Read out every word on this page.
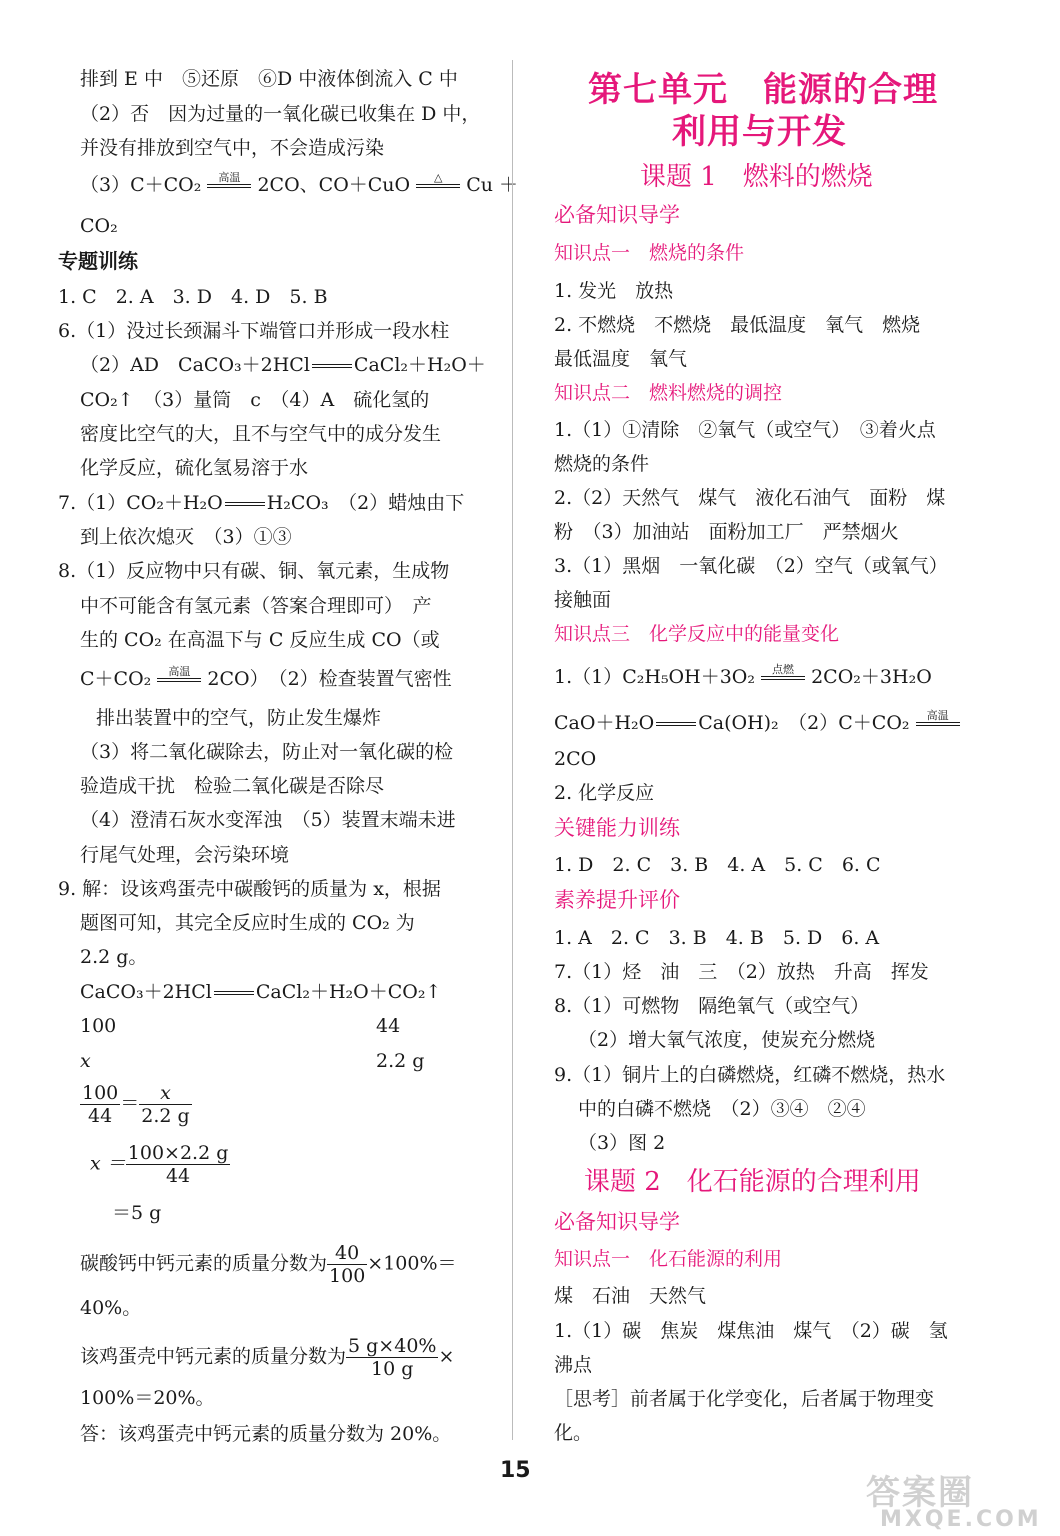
排到 E 中　⑤还原　⑥D 中液体倒流入 C 中
（2）否　因为过量的一氧化碳已收集在 D 中，
并没有排放到空气中，不会造成污染
（3）C＋CO₂	高温
2CO、CO＋CuO	△
	Cu ＋
CO₂
专题训练
1. C　2. A　3. D　4. D　5. B
6.（1）没过长颈漏斗下端管口并形成一段水柱
（2）AD　CaCO₃＋2HCl CaCl₂＋H₂O＋
CO₂↑　（3）量筒　c　（4）A　硫化氢的
密度比空气的大，且不与空气中的成分发生
化学反应，硫化氢易溶于水
7.（1）CO₂＋H₂O H₂CO₃　（2）蜡烛由下
到上依次熄灭　（3）①③
8.（1）反应物中只有碳、铜、氧元素，生成物
中不可能含有氢元素（答案合理即可）　产
生的 CO₂ 在高温下与 C 反应生成 CO（或
C＋CO₂	高温
2CO）　（2）检查装置气密性
排出装置中的空气，防止发生爆炸
（3）将二氧化碳除去，防止对一氧化碳的检
验造成干扰　检验二氧化碳是否除尽
（4）澄清石灰水变浑浊　（5）装置末端未进
行尾气处理，会污染环境
9. 解：设该鸡蛋壳中碳酸钙的质量为 x，根据
题图可知，其完全反应时生成的 CO₂ 为
2.2 g。
CaCO₃＋2HCl CaCl₂＋H₂O＋CO₂↑
100	44
x	2.2 g
$\frac{100}{44} = \frac{x}{2.2 g}$
$x = \frac{100\times 2.2 g}{44}$
＝5 g
碳酸钙中钙元素的质量分数为 $\frac{40}{100} \times 100\%=$
40%。
该鸡蛋壳中钙元素的质量分数为 $\frac{5 g\times 40\%}{10 g}$ ×
100%＝20%。
答：该鸡蛋壳中钙元素的质量分数为 20%。
第七单元　能源的合理
利用与开发
课题 1　燃料的燃烧
必备知识导学
知识点一　燃烧的条件
1. 发光　放热
2. 不燃烧　不燃烧　最低温度　氧气　燃烧
最低温度　氧气
知识点二　燃料燃烧的调控
1.（1）①清除　②氧气（或空气）　③着火点
燃烧的条件
2.（2）天然气　煤气　液化石油气　面粉　煤
粉　（3）加油站　面粉加工厂　严禁烟火
3.（1）黑烟　一氧化碳　（2）空气（或氧气）
接触面
知识点三　化学反应中的能量变化
1.（1）C₂H₅OH＋3O₂	点燃
2CO₂＋3H₂O
CaO＋H₂O Ca(OH)₂　（2）C＋CO₂	高温

2CO
2. 化学反应
关键能力训练
1. D　2. C　3. B　4. A　5. C　6. C
素养提升评价
1. A　2. C　3. B　4. B　5. D　6. A
7.（1）烃　油　三　（2）放热　升高　挥发
8.（1）可燃物　隔绝氧气（或空气）
（2）增大氧气浓度，使炭充分燃烧
9.（1）铜片上的白磷燃烧，红磷不燃烧，热水
中的白磷不燃烧　（2）③④　②④
（3）图 2
课题 2　化石能源的合理利用
必备知识导学
知识点一　化石能源的利用
煤　石油　天然气
1.（1）碳　焦炭　煤焦油　煤气　（2）碳　氢
沸点
［思考］前者属于化学变化，后者属于物理变
化。
15
答案圈
MXQE.COM
